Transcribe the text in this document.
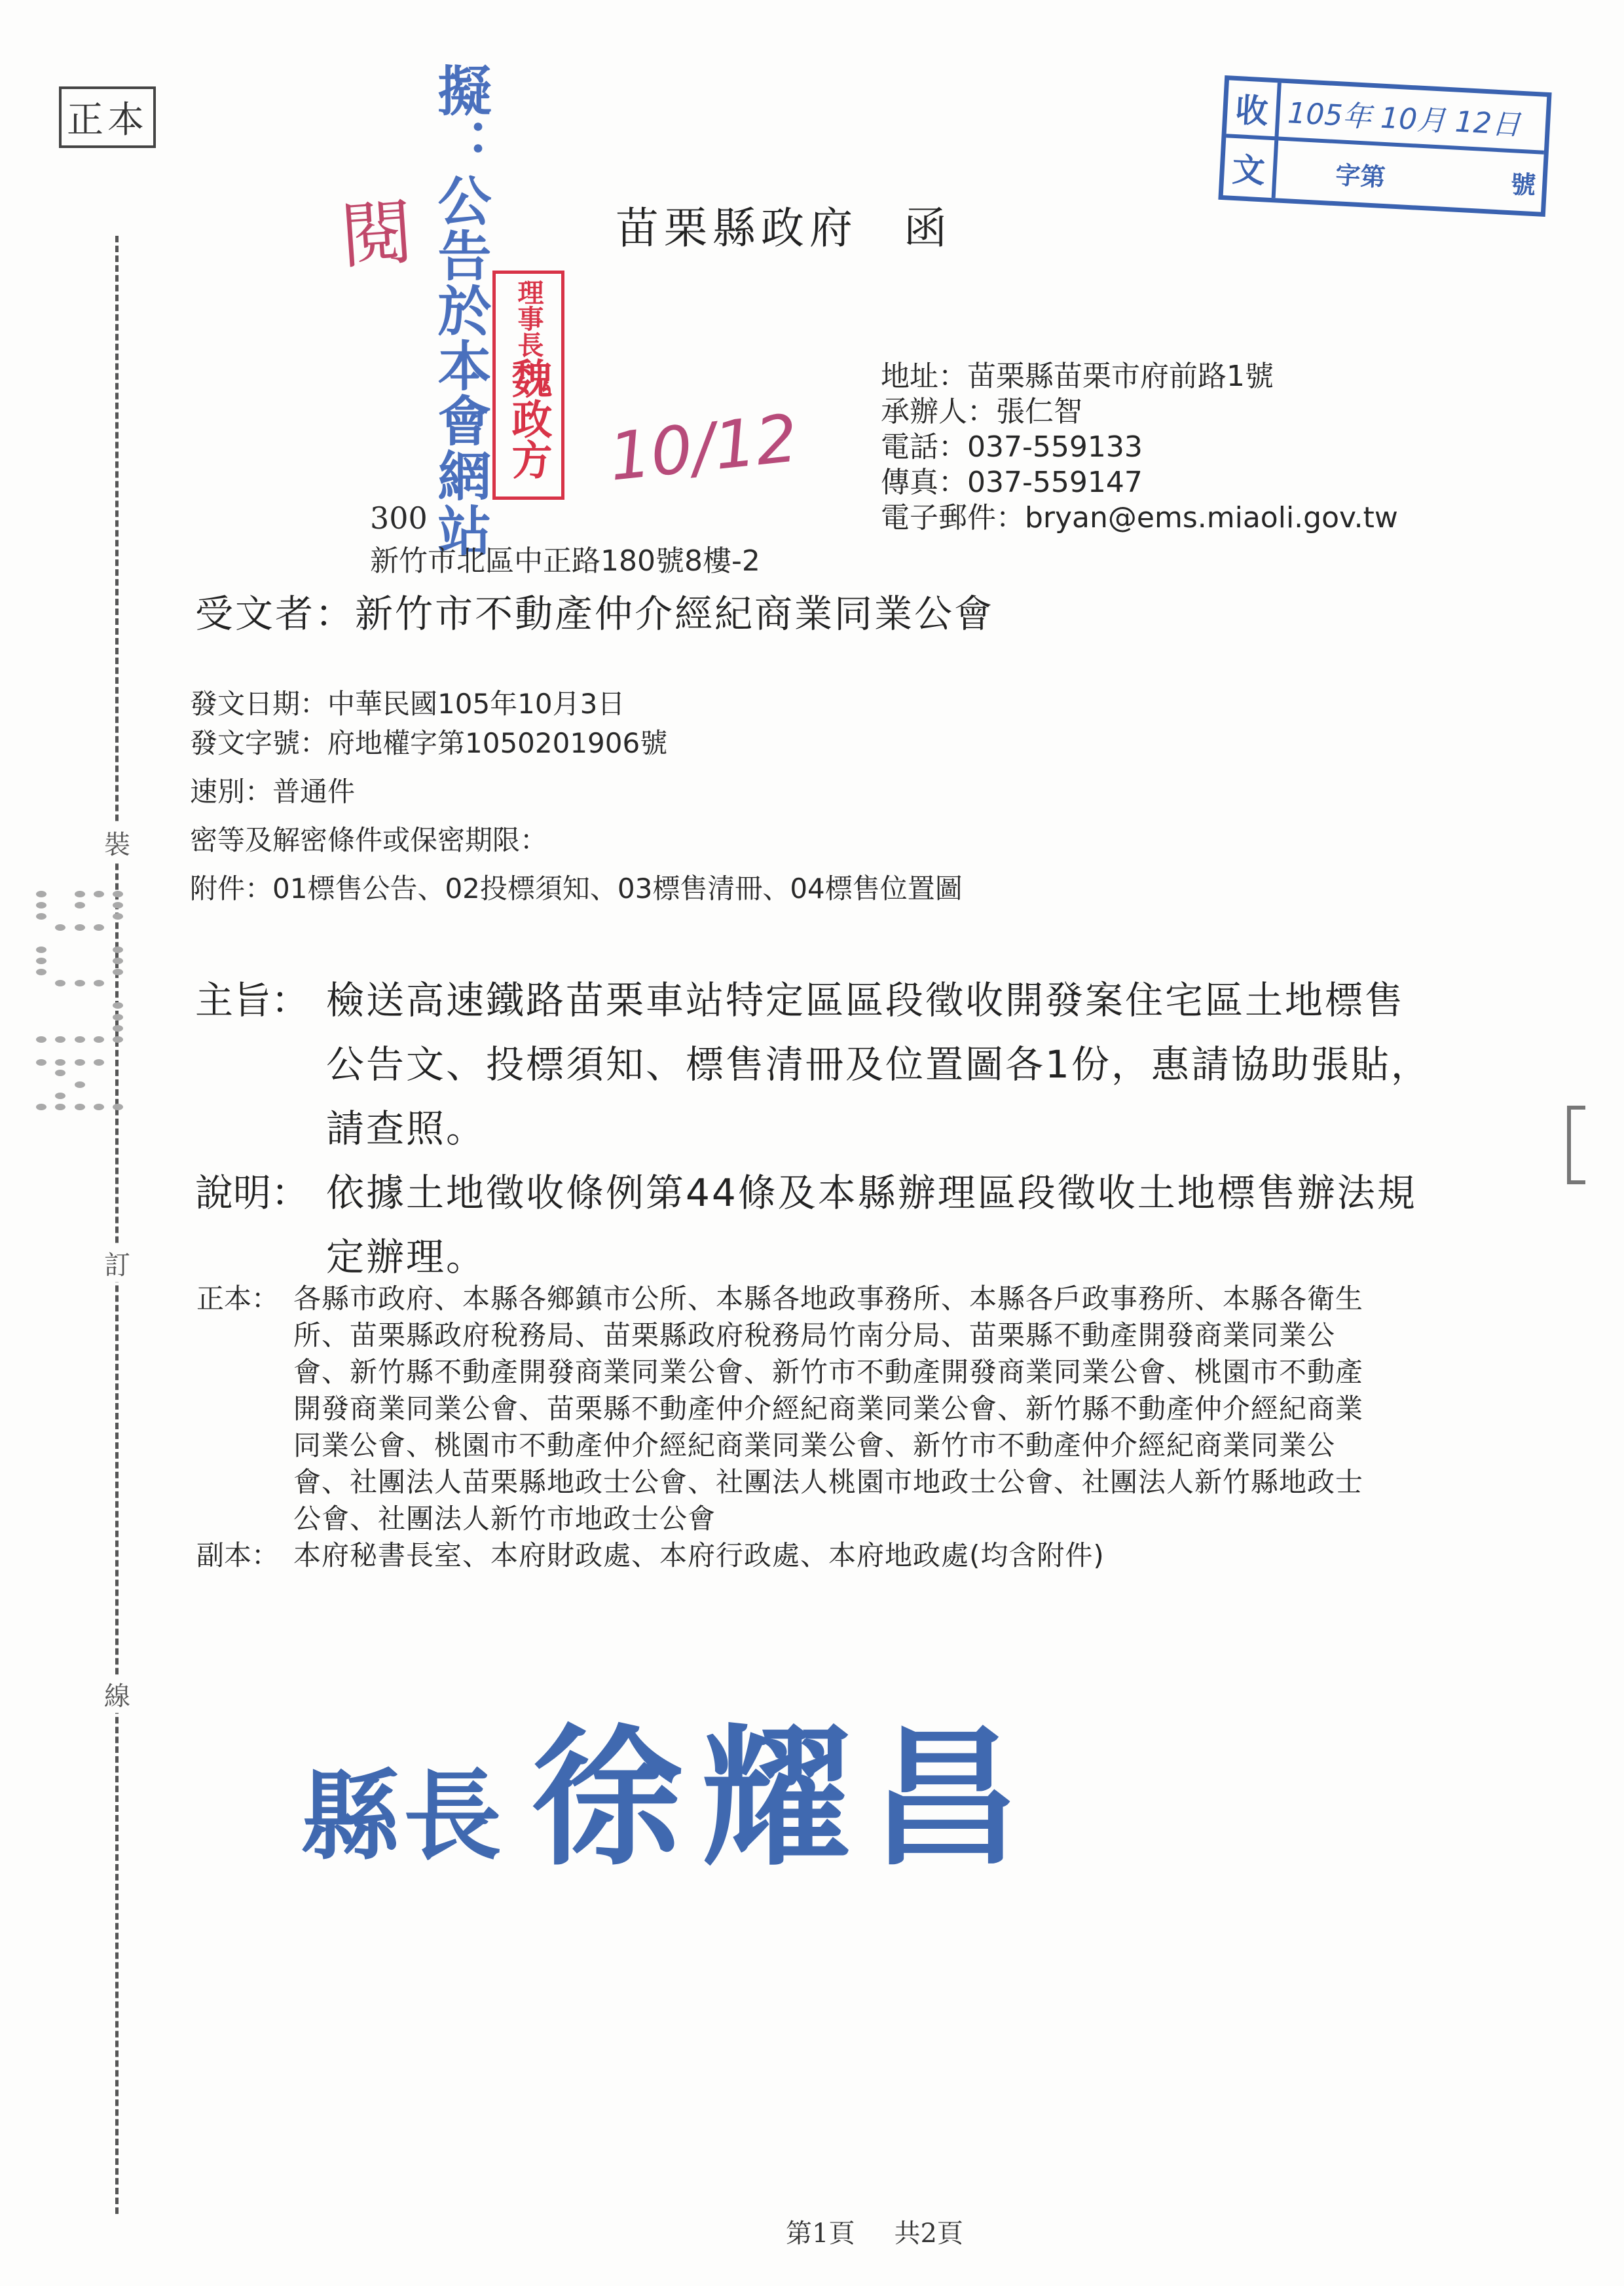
正本
裝
訂
線
收 105年 10月 12日
文	字第	號
擬：公告於本會網站
閱
理事長
魏政方 10/12
苗栗縣政府 函
地址：苗栗縣苗栗市府前路1號
承辦人：張仁智
電話：037-559133
傳真：037-559147
電子郵件：bryan@ems.miaoli.gov.tw
300
新竹市北區中正路180號8樓-2
受文者：新竹市不動產仲介經紀商業同業公會
發文日期：中華民國105年10月3日
發文字號：府地權字第1050201906號
速別：普通件
密等及解密條件或保密期限：
附件：01標售公告、02投標須知、03標售清冊、04標售位置圖
主旨： 檢送高速鐵路苗栗車站特定區區段徵收開發案住宅區土地標售公告文、投標須知、標售清冊及位置圖各1份，惠請協助張貼，請查照。
說明： 依據土地徵收條例第44條及本縣辦理區段徵收土地標售辦法規定辦理。
正本： 各縣市政府、本縣各鄉鎮市公所、本縣各地政事務所、本縣各戶政事務所、本縣各衛生所、苗栗縣政府稅務局、苗栗縣政府稅務局竹南分局、苗栗縣不動產開發商業同業公會、新竹縣不動產開發商業同業公會、新竹市不動產開發商業同業公會、桃園市不動產開發商業同業公會、苗栗縣不動產仲介經紀商業同業公會、新竹縣不動產仲介經紀商業同業公會、桃園市不動產仲介經紀商業同業公會、新竹市不動產仲介經紀商業同業公會、社團法人苗栗縣地政士公會、社團法人桃園市地政士公會、社團法人新竹縣地政士公會、社團法人新竹市地政士公會
副本： 本府秘書長室、本府財政處、本府行政處、本府地政處(均含附件)
縣長 徐耀昌
第1頁 共2頁
